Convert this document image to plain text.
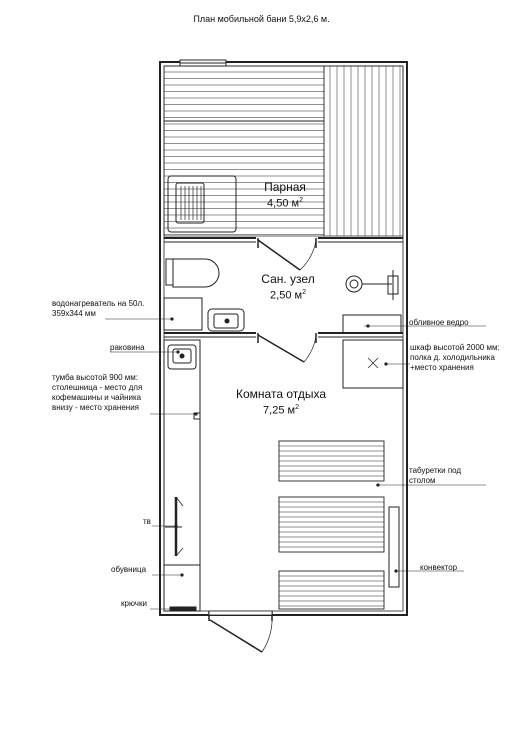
План мобильной бани 5,9х2,6 м.
Парная
4,50 $м^2$
Сан. узел
2,50 $м^2$
Комната отдыха
7,25 $м^2$
водонагреватель на 50л.
359х344 мм
раковина
тумба высотой 900 мм:
столешница - место для
кофемашины и чайника
внизу - место хранения
тв
обувница
крючки
обливное ведро
шкаф высотой 2000 мм:
полка д. холодильника
+место хранения
табуретки под
столом
конвектор
